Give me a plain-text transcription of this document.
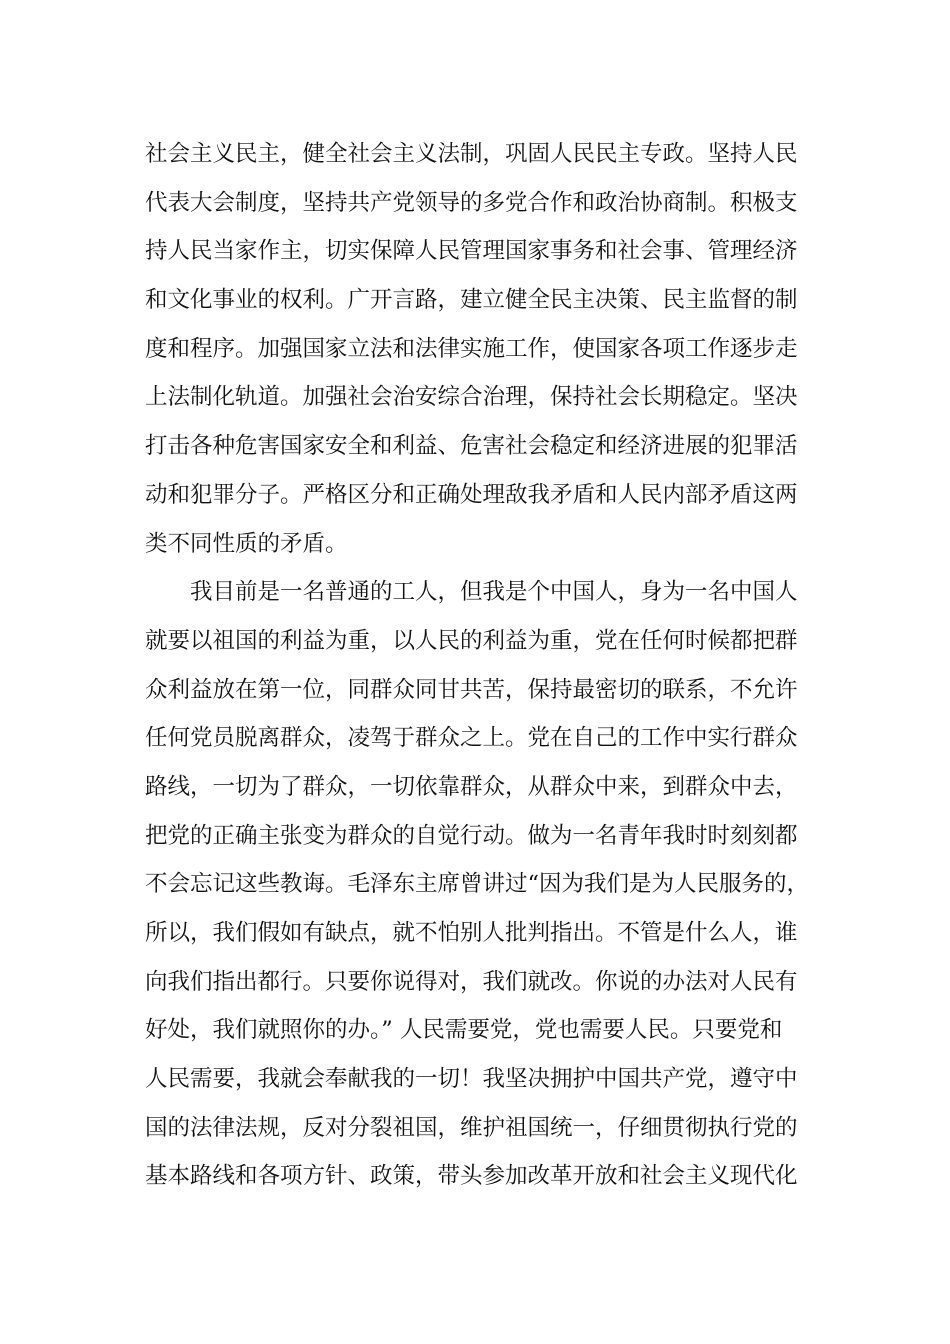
社会主义民主，健全社会主义法制，巩固人民民主专政。坚持人民
代表大会制度，坚持共产党领导的多党合作和政治协商制。积极支
持人民当家作主，切实保障人民管理国家事务和社会事、管理经济
和文化事业的权利。广开言路，建立健全民主决策、民主监督的制
度和程序。加强国家立法和法律实施工作，使国家各项工作逐步走
上法制化轨道。加强社会治安综合治理，保持社会长期稳定。坚决
打击各种危害国家安全和利益、危害社会稳定和经济进展的犯罪活
动和犯罪分子。严格区分和正确处理敌我矛盾和人民内部矛盾这两
类不同性质的矛盾。
我目前是一名普通的工人，但我是个中国人，身为一名中国人
就要以祖国的利益为重，以人民的利益为重，党在任何时候都把群
众利益放在第一位，同群众同甘共苦，保持最密切的联系，不允许
任何党员脱离群众，凌驾于群众之上。党在自己的工作中实行群众
路线，一切为了群众，一切依靠群众，从群众中来，到群众中去，
把党的正确主张变为群众的自觉行动。做为一名青年我时时刻刻都
不会忘记这些教诲。毛泽东主席曾讲过“因为我们是为人民服务的，
所以，我们假如有缺点，就不怕别人批判指出。不管是什么人，谁
向我们指出都行。只要你说得对，我们就改。你说的办法对人民有
好处，我们就照你的办。” 人民需要党，党也需要人民。只要党和
人民需要，我就会奉献我的一切！我坚决拥护中国共产党，遵守中
国的法律法规，反对分裂祖国，维护祖国统一，仔细贯彻执行党的
基本路线和各项方针、政策，带头参加改革开放和社会主义现代化
